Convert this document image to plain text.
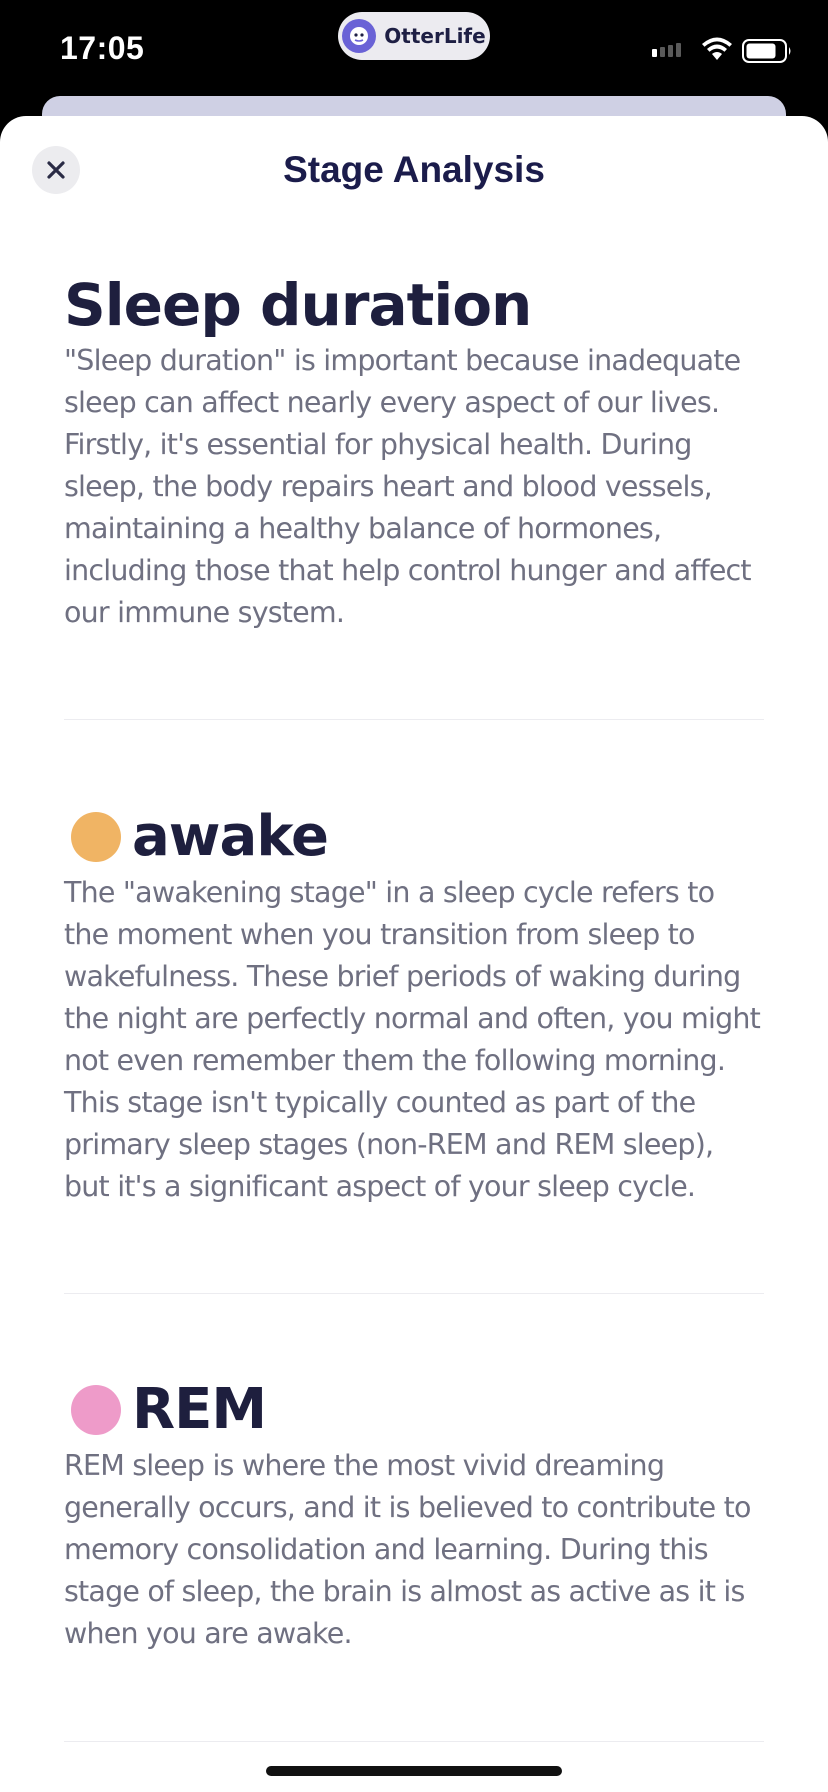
17:05	OtterLife
Stage Analysis
Sleep duration

"Sleep duration" is important because inadequate sleep can affect nearly every aspect of our lives. Firstly, it's essential for physical health. During sleep, the body repairs heart and blood vessels, maintaining a healthy balance of hormones, including those that help control hunger and affect our immune system.

awake

The "awakening stage" in a sleep cycle refers to the moment when you transition from sleep to wakefulness. These brief periods of waking during the night are perfectly normal and often, you might not even remember them the following morning. This stage isn't typically counted as part of the primary sleep stages (non-REM and REM sleep), but it's a significant aspect of your sleep cycle.

REM

REM sleep is where the most vivid dreaming generally occurs, and it is believed to contribute to memory consolidation and learning. During this stage of sleep, the brain is almost as active as it is when you are awake.
